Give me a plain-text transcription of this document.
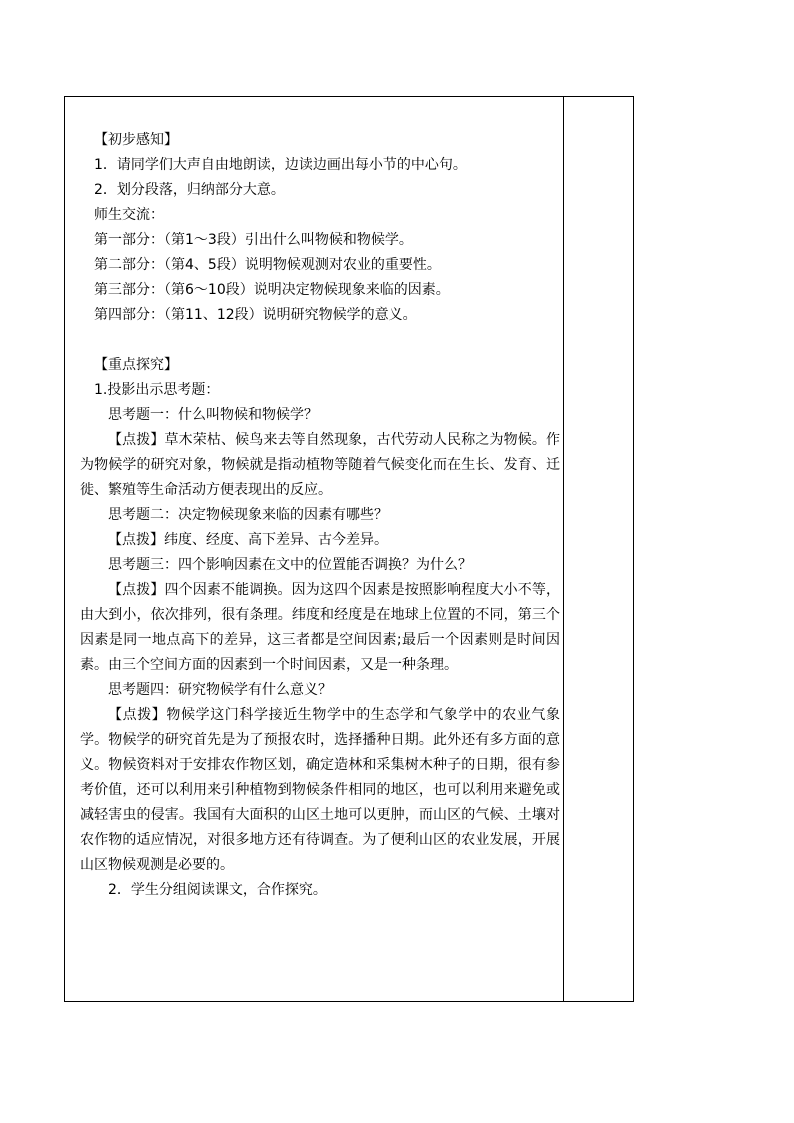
【初步感知】
1．请同学们大声自由地朗读，边读边画出每小节的中心句。
2．划分段落，归纳部分大意。
师生交流：
第一部分：（第1～3段）引出什么叫物候和物候学。
第二部分：（第4、5段）说明物候观测对农业的重要性。
第三部分：（第6～10段）说明决定物候现象来临的因素。
第四部分：（第11、12段）说明研究物候学的意义。
【重点探究】
1.投影出示思考题：
思考题一：什么叫物候和物候学？

【点拨】草木荣枯、候鸟来去等自然现象，古代劳动人民称之为物候。作为物候学的研究对象，物候就是指动植物等随着气候变化而在生长、发育、迁徙、繁殖等生命活动方便表现出的反应。

思考题二：决定物候现象来临的因素有哪些？
【点拨】纬度、经度、高下差异、古今差异。
思考题三：四个影响因素在文中的位置能否调换？为什么？

【点拨】四个因素不能调换。因为这四个因素是按照影响程度大小不等，由大到小，依次排列，很有条理。纬度和经度是在地球上位置的不同，第三个因素是同一地点高下的差异，这三者都是空间因素;最后一个因素则是时间因素。由三个空间方面的因素到一个时间因素，又是一种条理。

思考题四：研究物候学有什么意义？

【点拨】物候学这门科学接近生物学中的生态学和气象学中的农业气象学。物候学的研究首先是为了预报农时，选择播种日期。此外还有多方面的意义。物候资料对于安排农作物区划，确定造林和采集树木种子的日期，很有参考价值，还可以利用来引种植物到物候条件相同的地区，也可以利用来避免或减轻害虫的侵害。我国有大面积的山区土地可以更肿，而山区的气候、土壤对农作物的适应情况，对很多地方还有待调查。为了便利山区的农业发展，开展山区物候观测是必要的。

2．学生分组阅读课文，合作探究。
